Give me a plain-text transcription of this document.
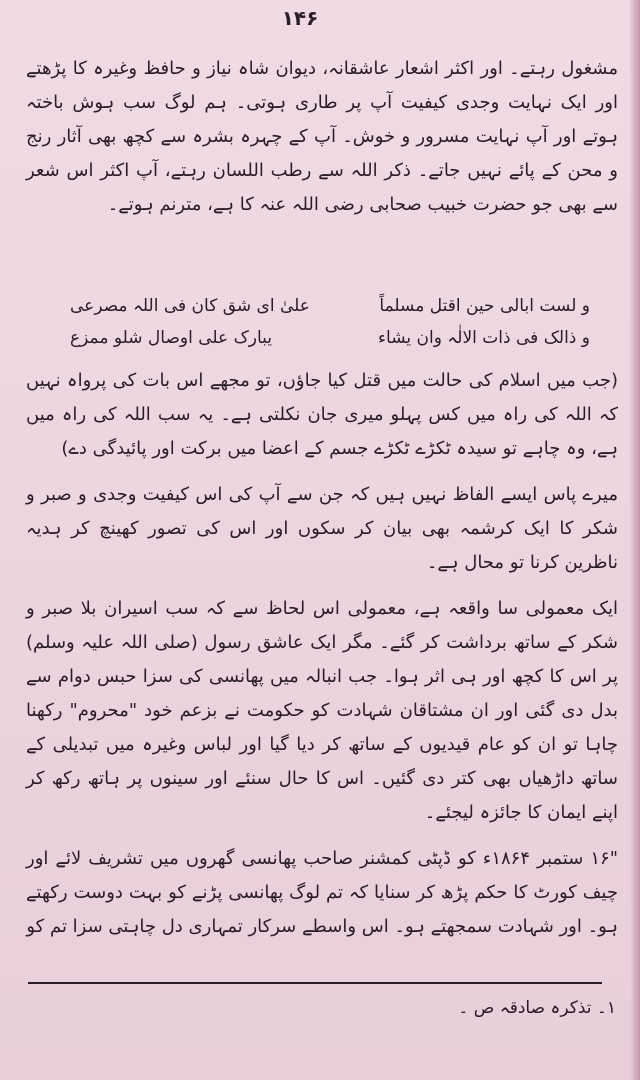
۱۴۶

مشغول رہتے۔ اور اکثر اشعار عاشقانہ، دیوان شاہ نیاز و حافظ وغیرہ کا پڑھتے اور ایک نہایت وجدی کیفیت آپ پر طاری ہوتی۔ ہم لوگ سب ہوش باختہ ہوتے اور آپ نہایت مسرور و خوش۔ آپ کے چہرہ بشرہ سے کچھ بھی آثار رنج و محن کے پائے نہیں جاتے۔ ذکر اللہ سے رطب اللسان رہتے، آپ اکثر اس شعر سے بھی جو حضرت خبیب صحابی رضی اللہ عنہ کا ہے، مترنم ہوتے۔

و لست ابالی حین اقتل مسلماً
علیٰ ای شق کان فی اللہ مصرعی
و ذالک فی ذات الالٰہ وان یشاء
یبارک علی اوصال شلو ممزع

(جب میں اسلام کی حالت میں قتل کیا جاؤں، تو مجھے اس بات کی پرواہ نہیں کہ اللہ کی راہ میں کس پہلو میری جان نکلتی ہے۔ یہ سب اللہ کی راہ میں ہے، وہ چاہے تو سیدہ ٹکڑے ٹکڑے جسم کے اعضا میں برکت اور پائیدگی دے)

میرے پاس ایسے الفاظ نہیں ہیں کہ جن سے آپ کی اس کیفیت وجدی و صبر و شکر کا ایک کرشمہ بھی بیان کر سکوں اور اس کی تصور کھینچ کر ہدیہ ناظرین کرنا تو محال ہے۔

ایک معمولی سا واقعہ ہے، معمولی اس لحاظ سے کہ سب اسیران بلا صبر و شکر کے ساتھ برداشت کر گئے۔ مگر ایک عاشق رسول (صلی اللہ علیہ وسلم) پر اس کا کچھ اور ہی اثر ہوا۔ جب انبالہ میں پھانسی کی سزا حبس دوام سے بدل دی گئی اور ان مشتاقان شہادت کو حکومت نے بزعم خود "محروم" رکھنا چاہا تو ان کو عام قیدیوں کے ساتھ کر دیا گیا اور لباس وغیرہ میں تبدیلی کے ساتھ داڑھیاں بھی کتر دی گئیں۔ اس کا حال سنئے اور سینوں پر ہاتھ رکھ کر اپنے ایمان کا جائزہ لیجئے۔

"۱۶ ستمبر ۱۸۶۴ء کو ڈپٹی کمشنر صاحب پھانسی گھروں میں تشریف لائے اور چیف کورٹ کا حکم پڑھ کر سنایا کہ تم لوگ پھانسی پڑنے کو بہت دوست رکھتے ہو۔ اور شہادت سمجھتے ہو۔ اس واسطے سرکار تمہاری دل چاہتی سزا تم کو

۱۔ تذکرہ صادقہ ص ۔
